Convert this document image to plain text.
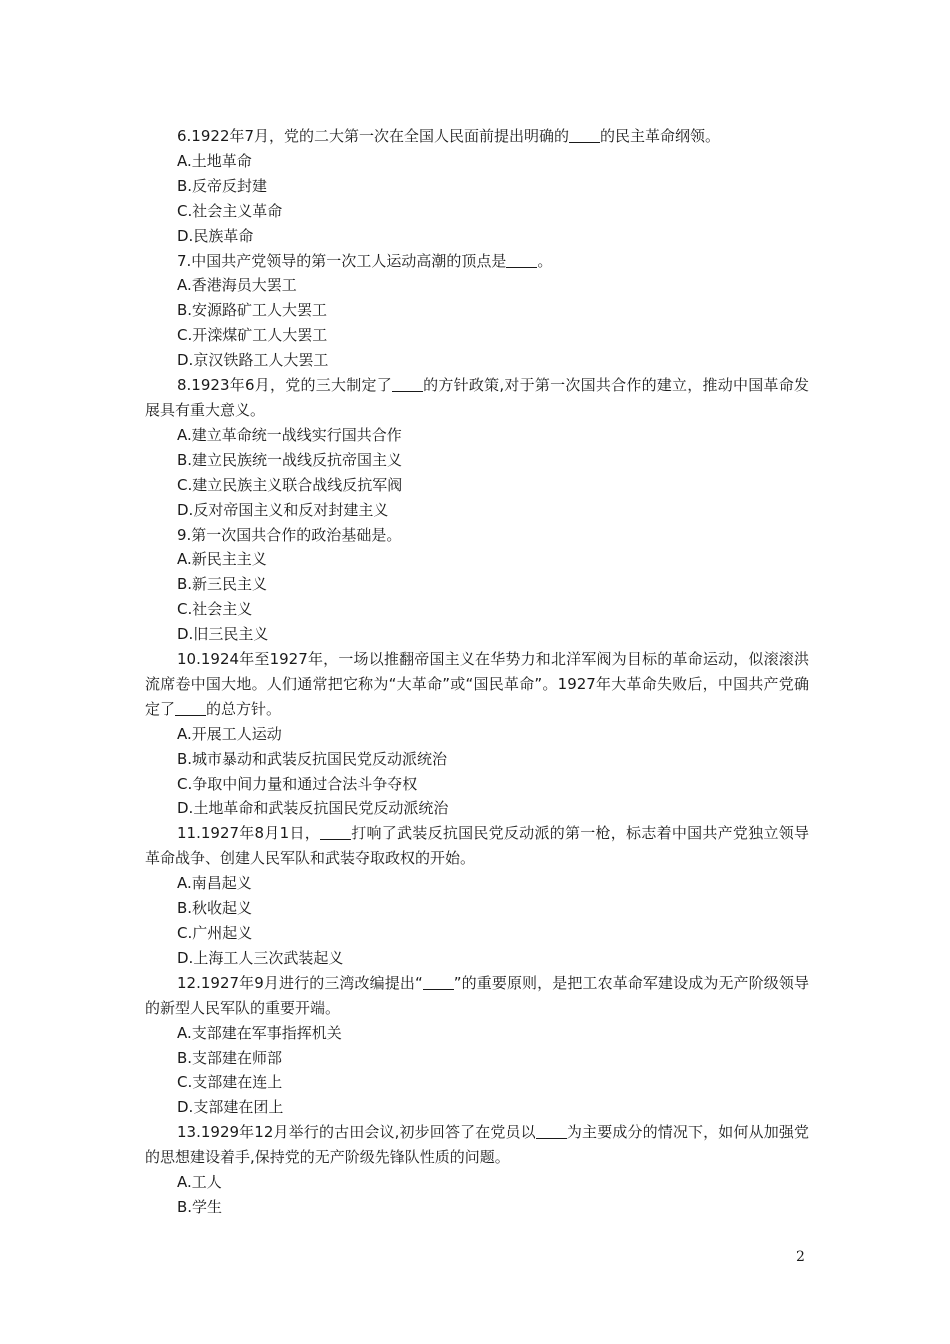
6.1922年7月，党的二大第一次在全国人民面前提出明确的 的民主革命纲领。

A.土地革命

B.反帝反封建

C.社会主义革命

D.民族革命

7.中国共产党领导的第一次工人运动高潮的顶点是 。

A.香港海员大罢工

B.安源路矿工人大罢工

C.开滦煤矿工人大罢工

D.京汉铁路工人大罢工

8.1923年6月，党的三大制定了 的方针政策,对于第一次国共合作的建立，推动中国革命发展具有重大意义。

A.建立革命统一战线实行国共合作

B.建立民族统一战线反抗帝国主义

C.建立民族主义联合战线反抗军阀

D.反对帝国主义和反对封建主义

9.第一次国共合作的政治基础是。

A.新民主主义

B.新三民主义

C.社会主义

D.旧三民主义

10.1924年至1927年，一场以推翻帝国主义在华势力和北洋军阀为目标的革命运动，似滚滚洪流席卷中国大地。人们通常把它称为“大革命”或“国民革命”。1927年大革命失败后，中国共产党确定了 的总方针。

A.开展工人运动

B.城市暴动和武装反抗国民党反动派统治

C.争取中间力量和通过合法斗争夺权

D.土地革命和武装反抗国民党反动派统治

11.1927年8月1日， 打响了武装反抗国民党反动派的第一枪，标志着中国共产党独立领导革命战争、创建人民军队和武装夺取政权的开始。

A.南昌起义

B.秋收起义

C.广州起义

D.上海工人三次武装起义

12.1927年9月进行的三湾改编提出“ ”的重要原则，是把工农革命军建设成为无产阶级领导的新型人民军队的重要开端。

A.支部建在军事指挥机关

B.支部建在师部

C.支部建在连上

D.支部建在团上

13.1929年12月举行的古田会议,初步回答了在党员以 为主要成分的情况下，如何从加强党的思想建设着手,保持党的无产阶级先锋队性质的问题。

A.工人

B.学生

2
